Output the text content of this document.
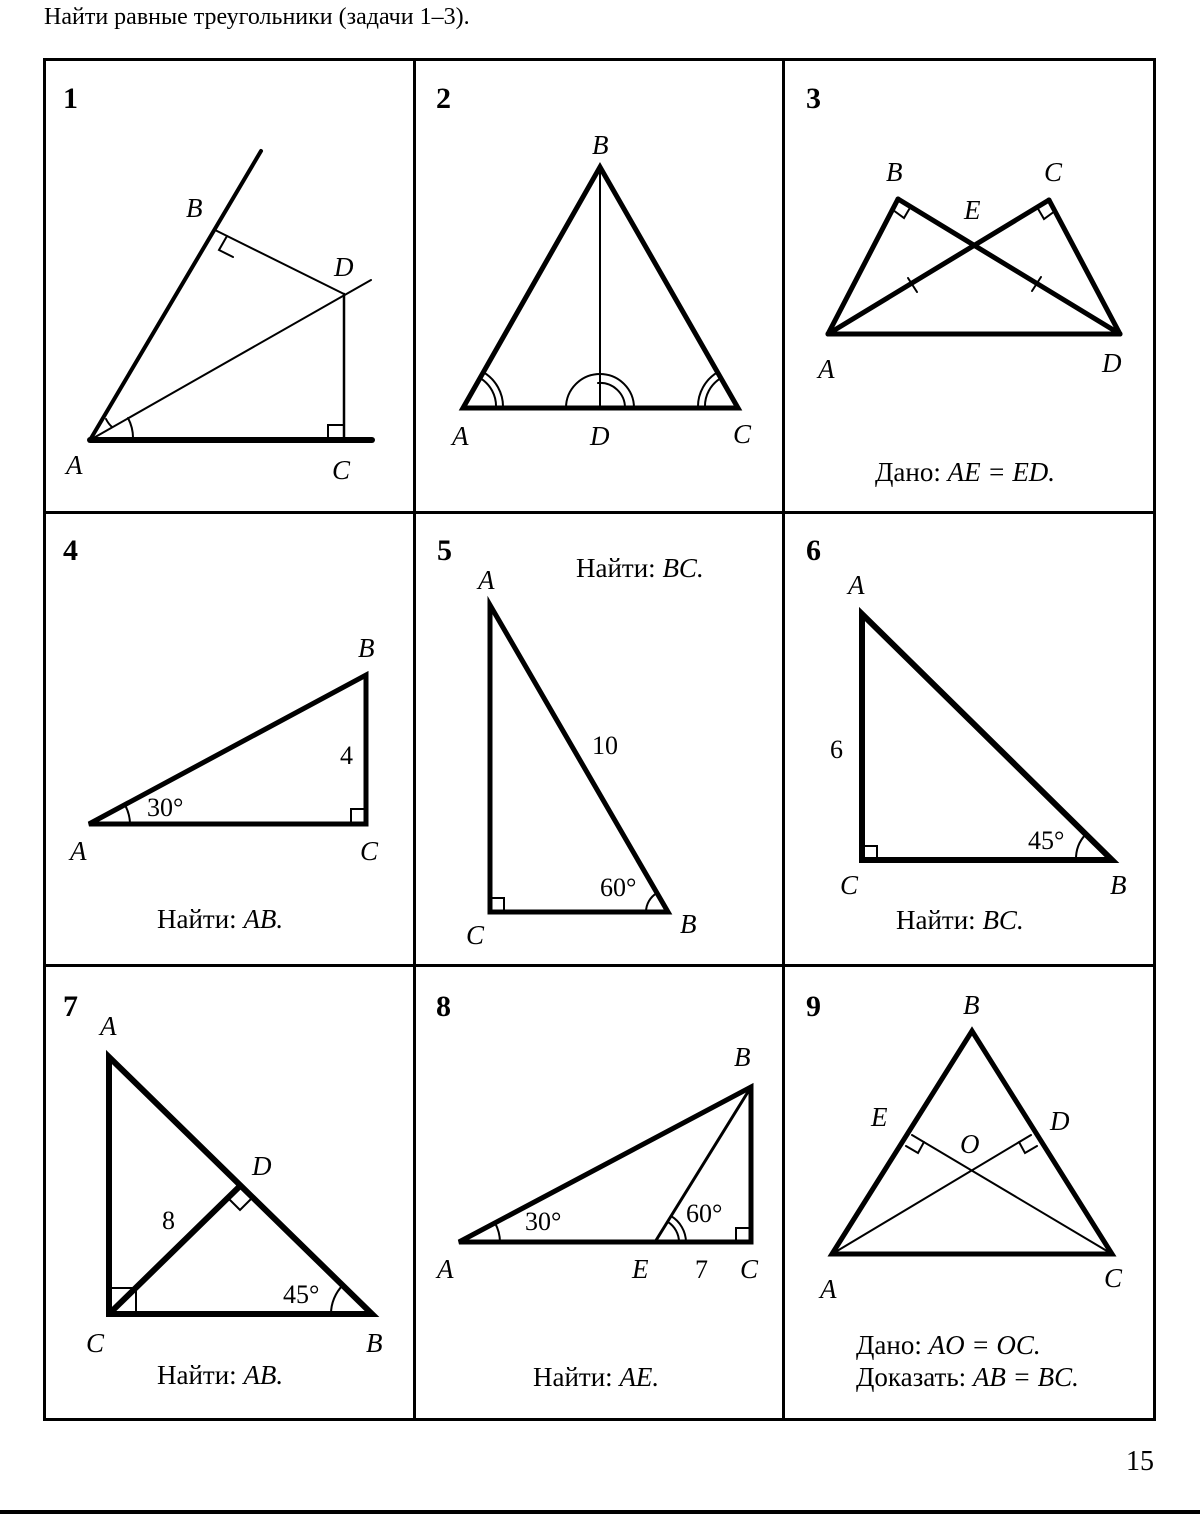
Найти равные треугольники (задачи 1–3).
1
A
B
C
D
2
A
B
C
D
3
A
B	C
D
E
Дано: AE = ED.
4
A
B
C
4
30°
Найти: AB.
5
A
B
C
10
60°
Найти: BC.
6
A
B
C
6
45°
Найти: BC.
7
A
B
C
D
8
45°
Найти: AB.
8
A
B
C
E 7
30°	60°
Найти: AE.
9
A
B
C
D
E
O
Дано: AO = OC.
Доказать: AB = BC.
15
